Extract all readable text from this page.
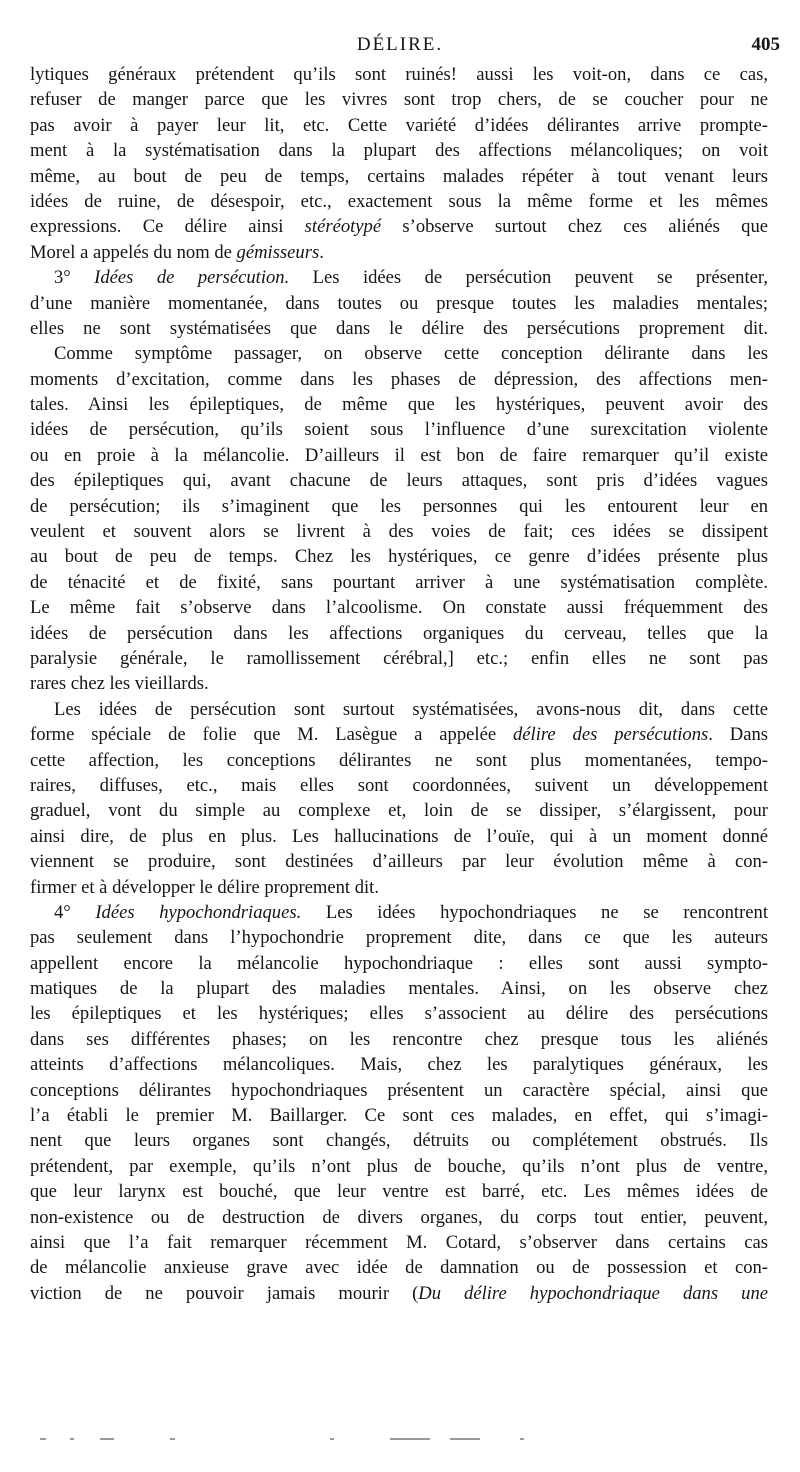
DÉLIRE.	405
lytiques généraux prétendent qu’ils sont ruinés! aussi les voit-on, dans ce cas,
refuser de manger parce que les vivres sont trop chers, de se coucher pour ne
pas avoir à payer leur lit, etc. Cette variété d’idées délirantes arrive prompte-
ment à la systématisation dans la plupart des affections mélancoliques; on voit
même, au bout de peu de temps, certains malades répéter à tout venant leurs
idées de ruine, de désespoir, etc., exactement sous la même forme et les mêmes
expressions. Ce délire ainsi stéréotypé s’observe surtout chez ces aliénés que
Morel a appelés du nom de gémisseurs.
3° Idées de persécution. Les idées de persécution peuvent se présenter,
d’une manière momentanée, dans toutes ou presque toutes les maladies mentales;
elles ne sont systématisées que dans le délire des persécutions proprement dit.
Comme symptôme passager, on observe cette conception délirante dans les
moments d’excitation, comme dans les phases de dépression, des affections men-
tales. Ainsi les épileptiques, de même que les hystériques, peuvent avoir des
idées de persécution, qu’ils soient sous l’influence d’une surexcitation violente
ou en proie à la mélancolie. D’ailleurs il est bon de faire remarquer qu’il existe
des épileptiques qui, avant chacune de leurs attaques, sont pris d’idées vagues
de persécution; ils s’imaginent que les personnes qui les entourent leur en
veulent et souvent alors se livrent à des voies de fait; ces idées se dissipent
au bout de peu de temps. Chez les hystériques, ce genre d’idées présente plus
de ténacité et de fixité, sans pourtant arriver à une systématisation complète.
Le même fait s’observe dans l’alcoolisme. On constate aussi fréquemment des
idées de persécution dans les affections organiques du cerveau, telles que la
paralysie générale, le ramollissement cérébral,] etc.; enfin elles ne sont pas
rares chez les vieillards.
Les idées de persécution sont surtout systématisées, avons-nous dit, dans cette
forme spéciale de folie que M. Lasègue a appelée délire des persécutions. Dans
cette affection, les conceptions délirantes ne sont plus momentanées, tempo-
raires, diffuses, etc., mais elles sont coordonnées, suivent un développement
graduel, vont du simple au complexe et, loin de se dissiper, s’élargissent, pour
ainsi dire, de plus en plus. Les hallucinations de l’ouïe, qui à un moment donné
viennent se produire, sont destinées d’ailleurs par leur évolution même à con-
firmer et à développer le délire proprement dit.
4° Idées hypochondriaques. Les idées hypochondriaques ne se rencontrent
pas seulement dans l’hypochondrie proprement dite, dans ce que les auteurs
appellent encore la mélancolie hypochondriaque : elles sont aussi sympto-
matiques de la plupart des maladies mentales. Ainsi, on les observe chez
les épileptiques et les hystériques; elles s’associent au délire des persécutions
dans ses différentes phases; on les rencontre chez presque tous les aliénés
atteints d’affections mélancoliques. Mais, chez les paralytiques généraux, les
conceptions délirantes hypochondriaques présentent un caractère spécial, ainsi que
l’a établi le premier M. Baillarger. Ce sont ces malades, en effet, qui s’imagi-
nent que leurs organes sont changés, détruits ou complétement obstrués. Ils
prétendent, par exemple, qu’ils n’ont plus de bouche, qu’ils n’ont plus de ventre,
que leur larynx est bouché, que leur ventre est barré, etc. Les mêmes idées de
non-existence ou de destruction de divers organes, du corps tout entier, peuvent,
ainsi que l’a fait remarquer récemment M. Cotard, s’observer dans certains cas
de mélancolie anxieuse grave avec idée de damnation ou de possession et con-
viction de ne pouvoir jamais mourir (Du délire hypochondriaque dans une
